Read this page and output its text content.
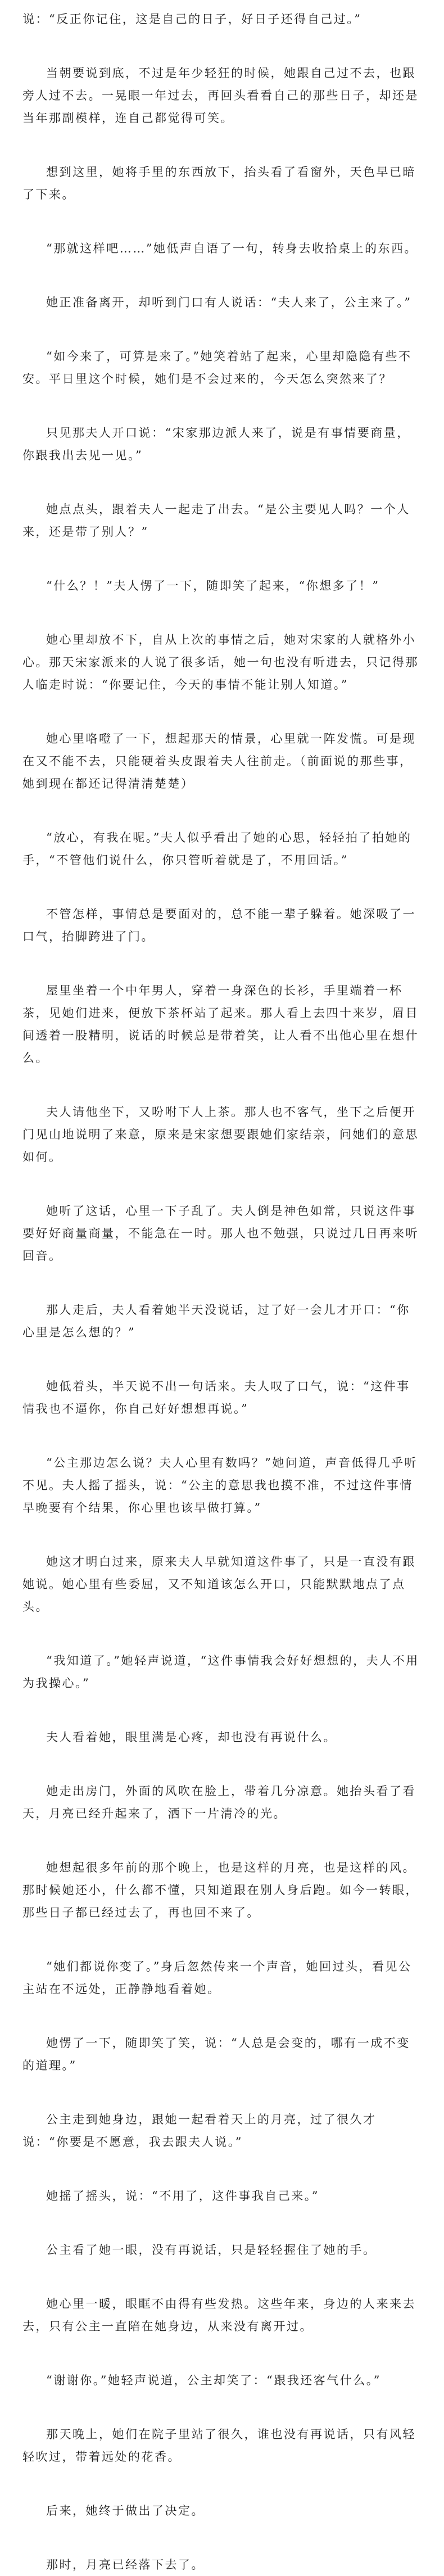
说：“反正你记住，这是自己的日子，好日子还得自己过。”

当朝要说到底，不过是年少轻狂的时候，她跟自己过不去，也跟旁人过不去。一晃眼一年过去，再回头看看自己的那些日子，却还是当年那副模样，连自己都觉得可笑。

想到这里，她将手里的东西放下，抬头看了看窗外，天色早已暗了下来。

“那就这样吧……”她低声自语了一句，转身去收拾桌上的东西。

她正准备离开，却听到门口有人说话：“夫人来了，公主来了。”

“如今来了，可算是来了。”她笑着站了起来，心里却隐隐有些不安。平日里这个时候，她们是不会过来的，今天怎么突然来了？

只见那夫人开口说：“宋家那边派人来了，说是有事情要商量，你跟我出去见一见。”

她点点头，跟着夫人一起走了出去。“是公主要见人吗？一个人来，还是带了别人？”

“什么？！”夫人愣了一下，随即笑了起来，“你想多了！”

她心里却放不下，自从上次的事情之后，她对宋家的人就格外小心。那天宋家派来的人说了很多话，她一句也没有听进去，只记得那人临走时说：“你要记住，今天的事情不能让别人知道。”

她心里咯噔了一下，想起那天的情景，心里就一阵发慌。可是现在又不能不去，只能硬着头皮跟着夫人往前走。（前面说的那些事，她到现在都还记得清清楚楚）

“放心，有我在呢。”夫人似乎看出了她的心思，轻轻拍了拍她的手，“不管他们说什么，你只管听着就是了，不用回话。”

不管怎样，事情总是要面对的，总不能一辈子躲着。她深吸了一口气，抬脚跨进了门。

屋里坐着一个中年男人，穿着一身深色的长衫，手里端着一杯茶，见她们进来，便放下茶杯站了起来。那人看上去四十来岁，眉目间透着一股精明，说话的时候总是带着笑，让人看不出他心里在想什么。

夫人请他坐下，又吩咐下人上茶。那人也不客气，坐下之后便开门见山地说明了来意，原来是宋家想要跟她们家结亲，问她们的意思如何。

她听了这话，心里一下子乱了。夫人倒是神色如常，只说这件事要好好商量商量，不能急在一时。那人也不勉强，只说过几日再来听回音。

那人走后，夫人看着她半天没说话，过了好一会儿才开口：“你心里是怎么想的？”

她低着头，半天说不出一句话来。夫人叹了口气，说：“这件事情我也不逼你，你自己好好想想再说。”

“公主那边怎么说？夫人心里有数吗？”她问道，声音低得几乎听不见。夫人摇了摇头，说：“公主的意思我也摸不准，不过这件事情早晚要有个结果，你心里也该早做打算。”

她这才明白过来，原来夫人早就知道这件事了，只是一直没有跟她说。她心里有些委屈，又不知道该怎么开口，只能默默地点了点头。

“我知道了。”她轻声说道，“这件事情我会好好想想的，夫人不用为我操心。”

夫人看着她，眼里满是心疼，却也没有再说什么。

她走出房门，外面的风吹在脸上，带着几分凉意。她抬头看了看天，月亮已经升起来了，洒下一片清冷的光。

她想起很多年前的那个晚上，也是这样的月亮，也是这样的风。那时候她还小，什么都不懂，只知道跟在别人身后跑。如今一转眼，那些日子都已经过去了，再也回不来了。

“她们都说你变了。”身后忽然传来一个声音，她回过头，看见公主站在不远处，正静静地看着她。

她愣了一下，随即笑了笑，说：“人总是会变的，哪有一成不变的道理。”

公主走到她身边，跟她一起看着天上的月亮，过了很久才说：“你要是不愿意，我去跟夫人说。”

她摇了摇头，说：“不用了，这件事我自己来。”

公主看了她一眼，没有再说话，只是轻轻握住了她的手。

她心里一暖，眼眶不由得有些发热。这些年来，身边的人来来去去，只有公主一直陪在她身边，从来没有离开过。

“谢谢你。”她轻声说道，公主却笑了：“跟我还客气什么。”

那天晚上，她们在院子里站了很久，谁也没有再说话，只有风轻轻吹过，带着远处的花香。

后来，她终于做出了决定。

那时，月亮已经落下去了。
